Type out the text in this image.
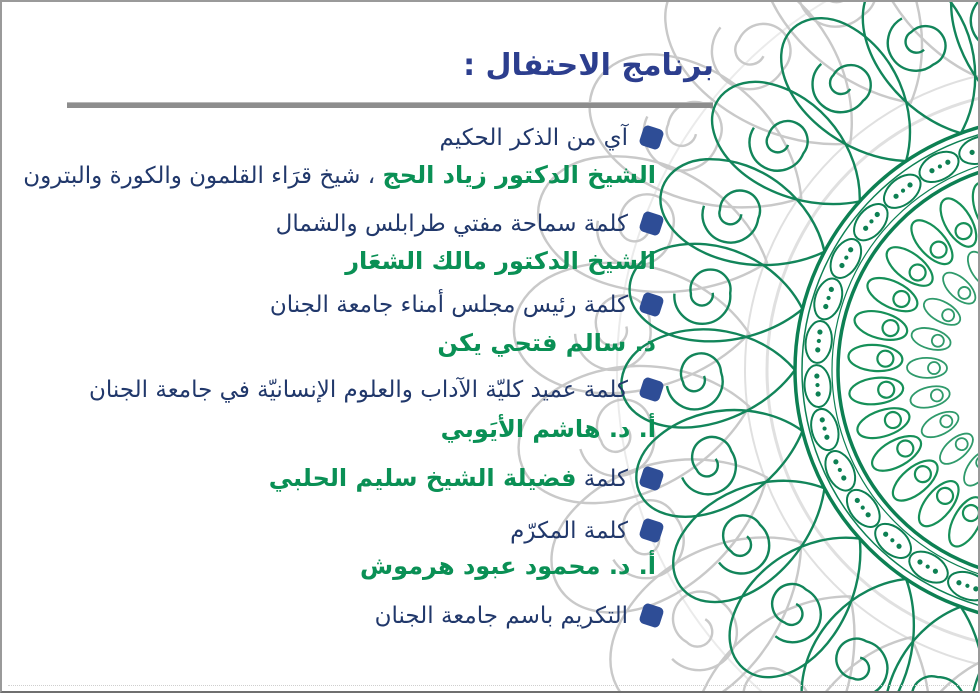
برنامج الاحتفال :
آي من الذكر الحكيم
الشيخ الدكتور زياد الحج ، شيخ قرَاء القلمون والكورة والبترون
كلمة سماحة مفتي طرابلس والشمال
الشيخ الدكتور مالك الشعَار
كلمة رئيس مجلس أمناء جامعة الجنان
د. سالم فتحي يكن
كلمة عميد كليّة الآداب والعلوم الإنسانيّة في جامعة الجنان
أ. د. هاشم الأيَوبي
كلمة فضيلة الشيخ سليم الحلبي
كلمة المكرّم
أ. د. محمود عبود هرموش
التكريم باسم جامعة الجنان
